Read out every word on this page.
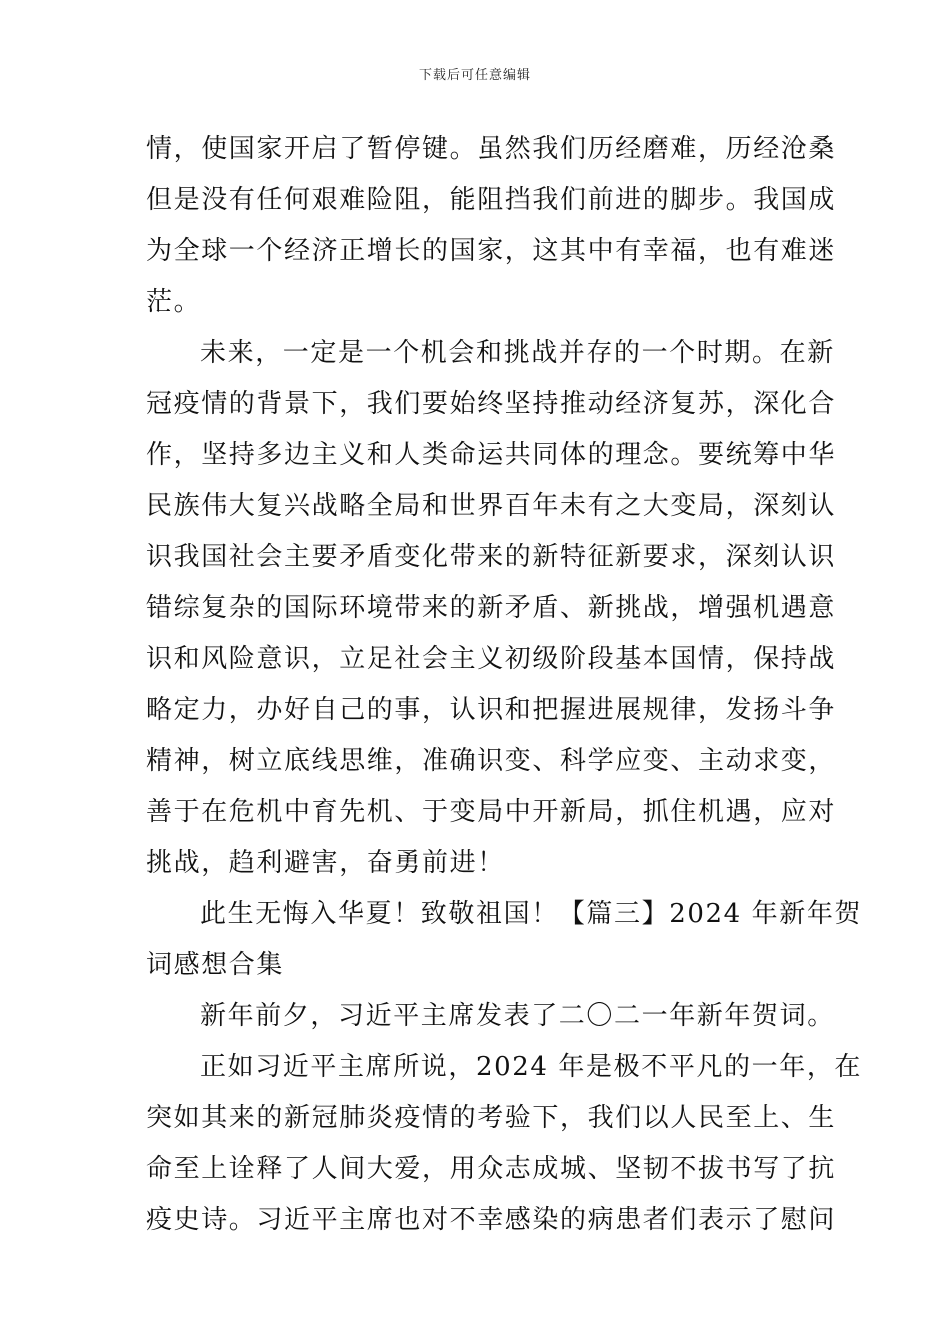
下载后可任意编辑

情，使国家开启了暂停键。虽然我们历经磨难，历经沧桑
但是没有任何艰难险阻，能阻挡我们前进的脚步。我国成
为全球一个经济正增长的国家，这其中有幸福，也有难迷
茫。

未来，一定是一个机会和挑战并存的一个时期。在新
冠疫情的背景下，我们要始终坚持推动经济复苏，深化合
作，坚持多边主义和人类命运共同体的理念。要统筹中华
民族伟大复兴战略全局和世界百年未有之大变局，深刻认
识我国社会主要矛盾变化带来的新特征新要求，深刻认识
错综复杂的国际环境带来的新矛盾、新挑战，增强机遇意
识和风险意识，立足社会主义初级阶段基本国情，保持战
略定力，办好自己的事，认识和把握进展规律，发扬斗争
精神，树立底线思维，准确识变、科学应变、主动求变，
善于在危机中育先机、于变局中开新局，抓住机遇，应对
挑战，趋利避害，奋勇前进！

此生无悔入华夏！致敬祖国！【篇三】2024 年新年贺
词感想合集

新年前夕，习近平主席发表了二〇二一年新年贺词。

正如习近平主席所说，2024 年是极不平凡的一年，在
突如其来的新冠肺炎疫情的考验下，我们以人民至上、生
命至上诠释了人间大爱，用众志成城、坚韧不拔书写了抗
疫史诗。习近平主席也对不幸感染的病患者们表示了慰问
